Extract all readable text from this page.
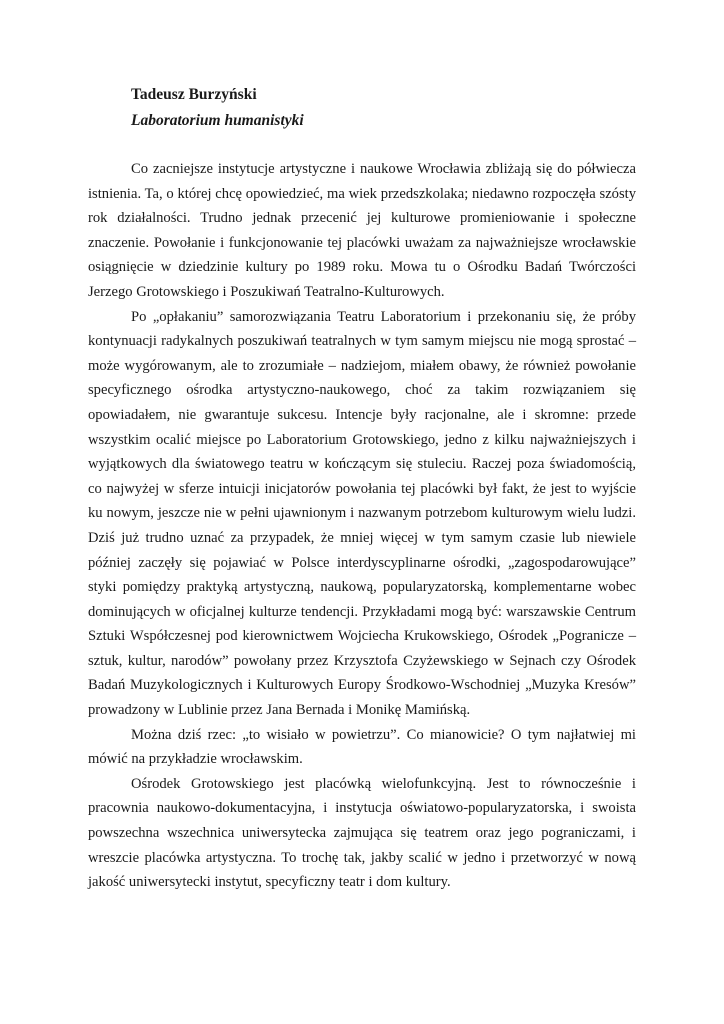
Tadeusz Burzyński

Laboratorium humanistyki

Co zacniejsze instytucje artystyczne i naukowe Wrocławia zbliżają się do półwiecza istnienia. Ta, o której chcę opowiedzieć, ma wiek przedszkolaka; niedawno rozpoczęła szósty rok działalności. Trudno jednak przecenić jej kulturowe promieniowanie i społeczne znaczenie. Powołanie i funkcjonowanie tej placówki uważam za najważniejsze wrocławskie osiągnięcie w dziedzinie kultury po 1989 roku. Mowa tu o Ośrodku Badań Twórczości Jerzego Grotowskiego i Poszukiwań Teatralno-Kulturowych.

Po „opłakaniu” samorozwiązania Teatru Laboratorium i przekonaniu się, że próby kontynuacji radykalnych poszukiwań teatralnych w tym samym miejscu nie mogą sprostać – może wygórowanym, ale to zrozumiałe – nadziejom, miałem obawy, że również powołanie specyficznego ośrodka artystyczno-naukowego, choć za takim rozwiązaniem się opowiadałem, nie gwarantuje sukcesu. Intencje były racjonalne, ale i skromne: przede wszystkim ocalić miejsce po Laboratorium Grotowskiego, jedno z kilku najważniejszych i wyjątkowych dla światowego teatru w kończącym się stuleciu. Raczej poza świadomością, co najwyżej w sferze intuicji inicjatorów powołania tej placówki był fakt, że jest to wyjście ku nowym, jeszcze nie w pełni ujawnionym i nazwanym potrzebom kulturowym wielu ludzi. Dziś już trudno uznać za przypadek, że mniej więcej w tym samym czasie lub niewiele później zaczęły się pojawiać w Polsce interdyscyplinarne ośrodki, „zagospodarowujące” styki pomiędzy praktyką artystyczną, naukową, popularyzatorską, komplementarne wobec dominujących w oficjalnej kulturze tendencji. Przykładami mogą być: warszawskie Centrum Sztuki Współczesnej pod kierownictwem Wojciecha Krukowskiego, Ośrodek „Pogranicze – sztuk, kultur, narodów” powołany przez Krzysztofa Czyżewskiego w Sejnach czy Ośrodek Badań Muzykologicznych i Kulturowych Europy Środkowo-Wschodniej „Muzyka Kresów” prowadzony w Lublinie przez Jana Bernada i Monikę Mamińską.

Można dziś rzec: „to wisiało w powietrzu”. Co mianowicie? O tym najłatwiej mi mówić na przykładzie wrocławskim.

Ośrodek Grotowskiego jest placówką wielofunkcyjną. Jest to równocześnie i pracownia naukowo-dokumentacyjna, i instytucja oświatowo-popularyzatorska, i swoista powszechna wszechnica uniwersytecka zajmująca się teatrem oraz jego pograniczami, i wreszcie placówka artystyczna. To trochę tak, jakby scalić w jedno i przetworzyć w nową jakość uniwersytecki instytut, specyficzny teatr i dom kultury.
